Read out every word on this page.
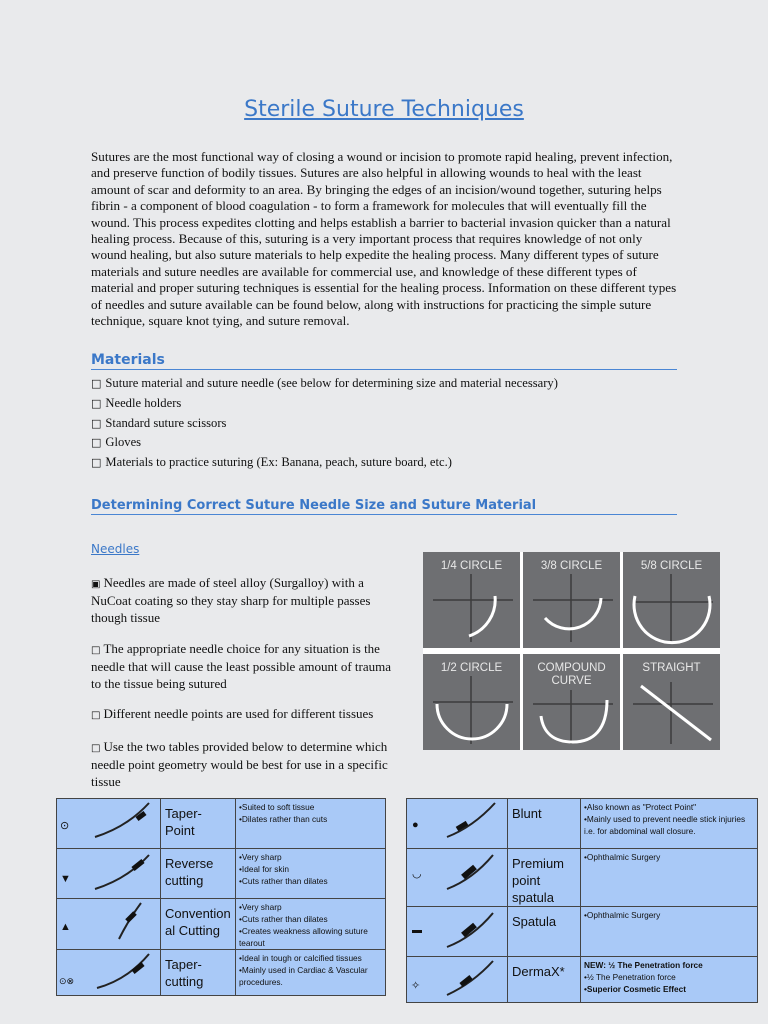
Sterile Suture Techniques
Sutures are the most functional way of closing a wound or incision to promote rapid healing, prevent infection, and preserve function of bodily tissues. Sutures are also helpful in allowing wounds to heal with the least amount of scar and deformity to an area. By bringing the edges of an incision/wound together, suturing helps fibrin - a component of blood coagulation - to form a framework for molecules that will eventually fill the wound. This process expedites clotting and helps establish a barrier to bacterial invasion quicker than a natural healing process. Because of this, suturing is a very important process that requires knowledge of not only wound healing, but also suture materials to help expedite the healing process. Many different types of suture materials and suture needles are available for commercial use, and knowledge of these different types of material and proper suturing techniques is essential for the healing process. Information on these different types of needles and suture available can be found below, along with instructions for practicing the simple suture technique, square knot tying, and suture removal.
Materials
□ Suture material and suture needle (see below for determining size and material necessary)
□ Needle holders
□ Standard suture scissors
□ Gloves
□ Materials to practice suturing (Ex: Banana, peach, suture board, etc.)
Determining Correct Suture Needle Size and Suture Material
Needles

▣ Needles are made of steel alloy (Surgalloy) with a NuCoat coating so they stay sharp for multiple passes though tissue

□ The appropriate needle choice for any situation is the needle that will cause the least possible amount of trauma to the tissue being sutured

□ Different needle points are used for different tissues

□ Use the two tables provided below to determine which needle point geometry would be best for use in a specific tissue

1/4 CIRCLE	3/8 CIRCLE	5/8 CIRCLE
1/2 CIRCLE	COMPOUND CURVE
STRAIGHT
⊙	Taper-Point	•Suited to soft tissue
•Dilates rather than cuts

▼	Reverse cutting	•Very sharp
•Ideal for skin
•Cuts rather than dilates

▲	Convention al Cutting	•Very sharp
•Cuts rather than dilates
•Creates weakness allowing suture tearout

⊙⊗	Taper- cutting	•Ideal in tough or calcified tissues
•Mainly used in Cardiac & Vascular procedures.
●	Blunt	•Also known as "Protect Point"
•Mainly used to prevent needle stick injuries i.e. for abdominal wall closure.

◡	Premium point spatula	•Ophthalmic Surgery

▬	Spatula	•Ophthalmic Surgery

✧	DermaX*	NEW: ½ The Penetration force
•½ The Penetration force
•Superior Cosmetic Effect
